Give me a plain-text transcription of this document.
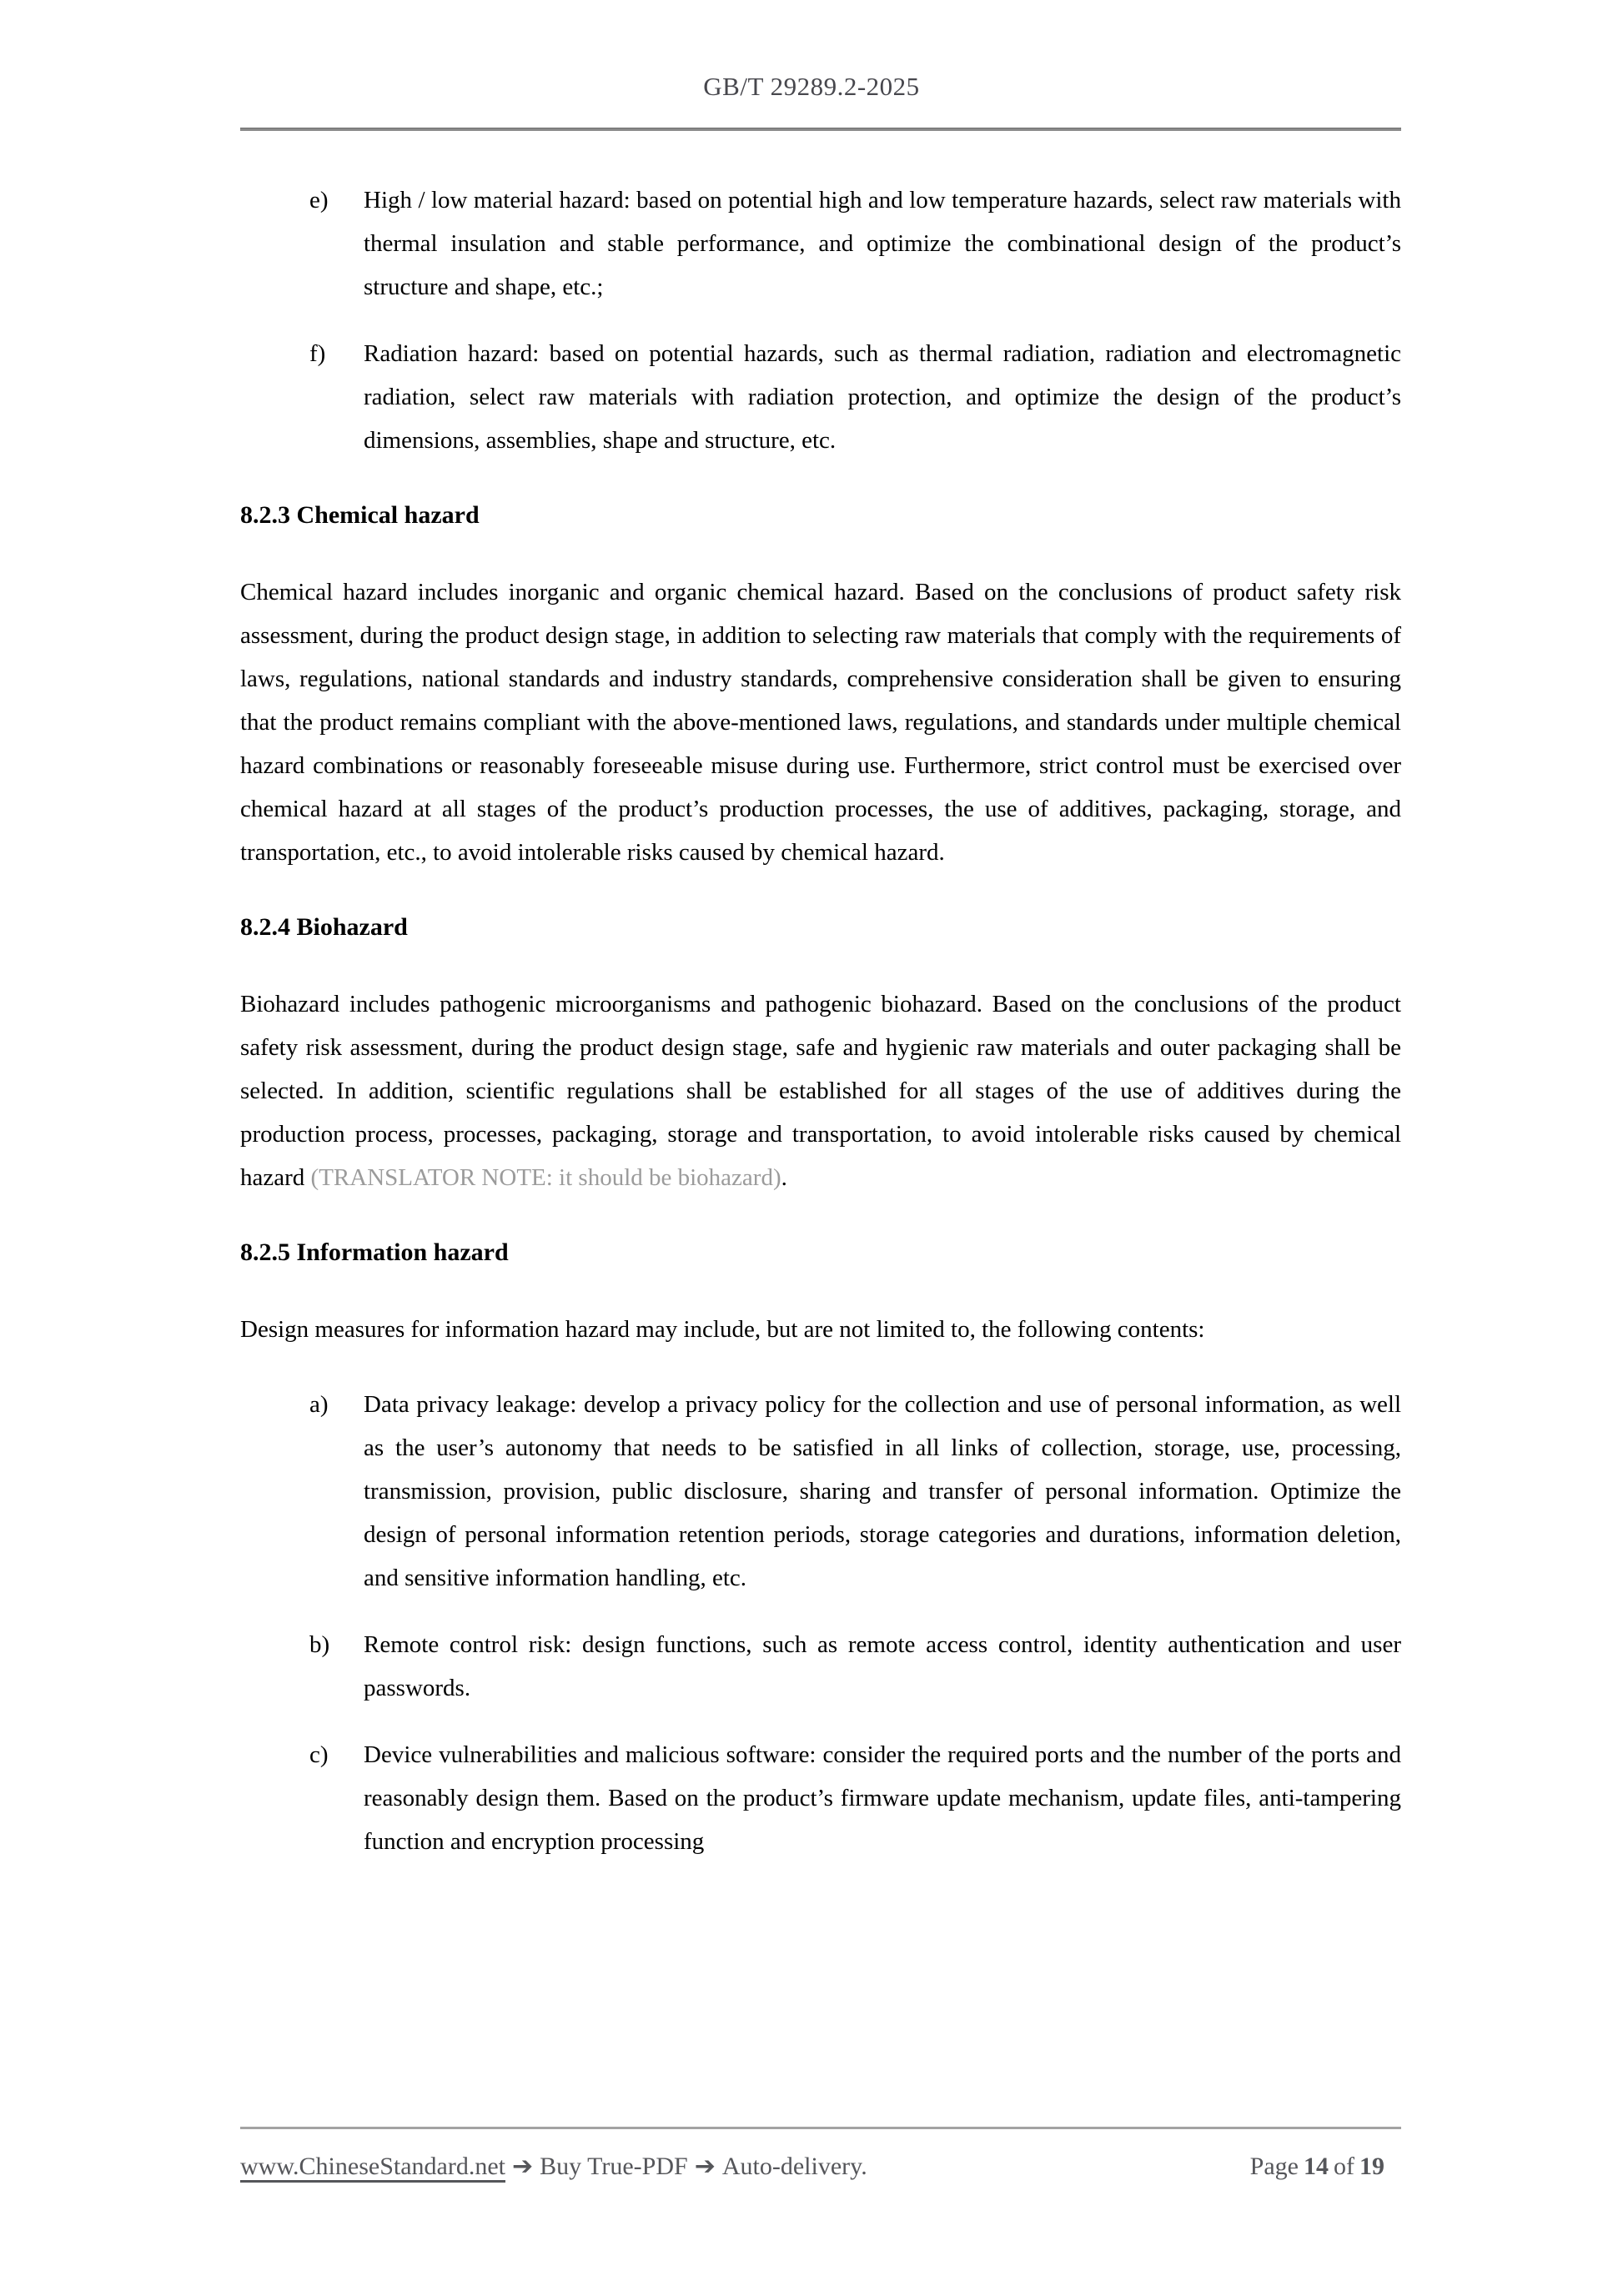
GB/T 29289.2-2025
e) High / low material hazard: based on potential high and low temperature hazards, select raw materials with thermal insulation and stable performance, and optimize the combinational design of the product’s structure and shape, etc.;
f) Radiation hazard: based on potential hazards, such as thermal radiation, radiation and electromagnetic radiation, select raw materials with radiation protection, and optimize the design of the product’s dimensions, assemblies, shape and structure, etc.
8.2.3 Chemical hazard

Chemical hazard includes inorganic and organic chemical hazard. Based on the conclusions of product safety risk assessment, during the product design stage, in addition to selecting raw materials that comply with the requirements of laws, regulations, national standards and industry standards, comprehensive consideration shall be given to ensuring that the product remains compliant with the above-mentioned laws, regulations, and standards under multiple chemical hazard combinations or reasonably foreseeable misuse during use. Furthermore, strict control must be exercised over chemical hazard at all stages of the product’s production processes, the use of additives, packaging, storage, and transportation, etc., to avoid intolerable risks caused by chemical hazard.

8.2.4 Biohazard

Biohazard includes pathogenic microorganisms and pathogenic biohazard. Based on the conclusions of the product safety risk assessment, during the product design stage, safe and hygienic raw materials and outer packaging shall be selected. In addition, scientific regulations shall be established for all stages of the use of additives during the production process, processes, packaging, storage and transportation, to avoid intolerable risks caused by chemical hazard (TRANSLATOR NOTE: it should be biohazard).

8.2.5 Information hazard

Design measures for information hazard may include, but are not limited to, the following contents:

a) Data privacy leakage: develop a privacy policy for the collection and use of personal information, as well as the user’s autonomy that needs to be satisfied in all links of collection, storage, use, processing, transmission, provision, public disclosure, sharing and transfer of personal information. Optimize the design of personal information retention periods, storage categories and durations, information deletion, and sensitive information handling, etc.
b) Remote control risk: design functions, such as remote access control, identity authentication and user passwords.
c) Device vulnerabilities and malicious software: consider the required ports and the number of the ports and reasonably design them. Based on the product’s firmware update mechanism, update files, anti-tampering function and encryption processing
www.ChineseStandard.net ➔ Buy True-PDF ➔ Auto-delivery.	Page 14 of 19
